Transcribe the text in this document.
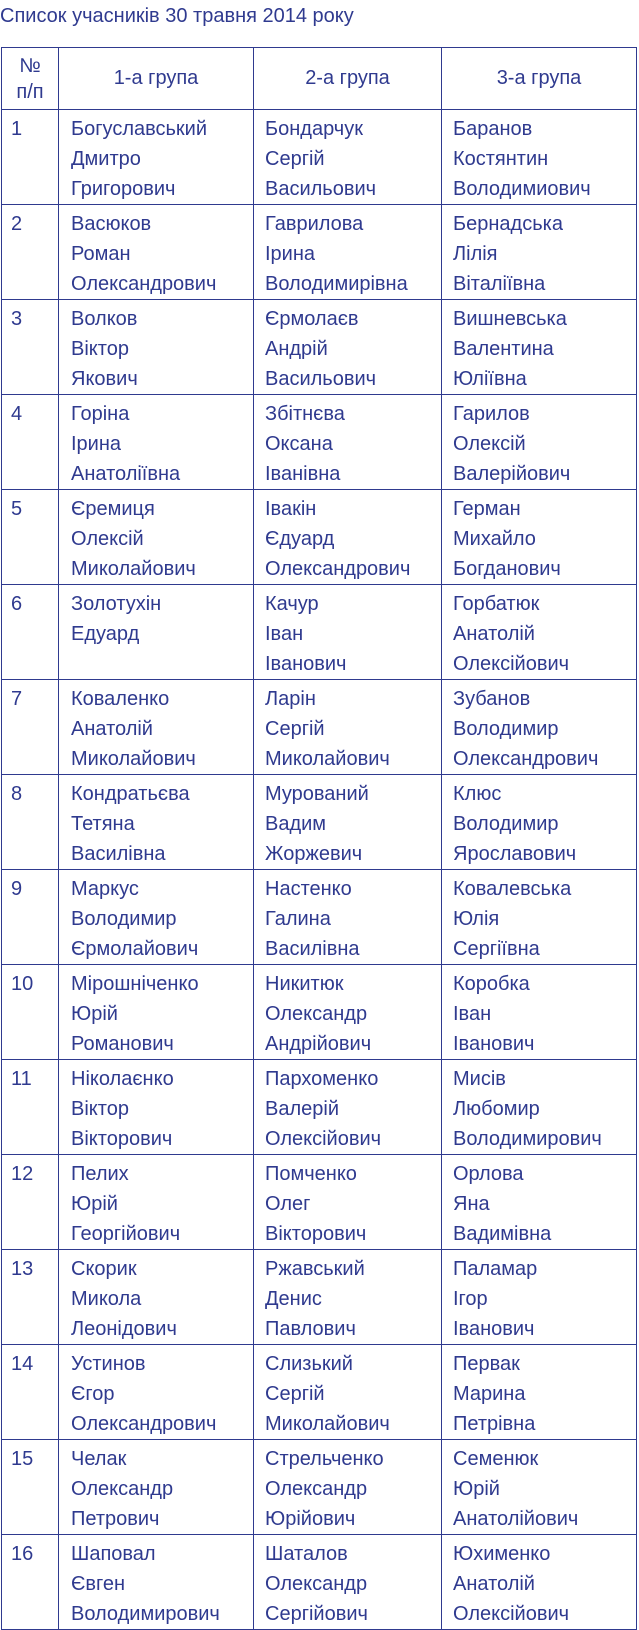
Список учасників 30 травня 2014 року
№
п/п	1-а група	2-а група	3-а група

1	Богуславський
Дмитро
Григорович	Бондарчук
Сергій
Васильович	Баранов
Костянтин
Володимиович

2	Васюков
Роман
Олександрович	Гаврилова
Ірина
Володимирівна	Бернадська
Лілія
Віталіївна

3	Волков
Віктор
Якович	Єрмолаєв
Андрій
Васильович	Вишневська
Валентина
Юліївна

4	Горіна
Ірина
Анатоліївна	Збітнєва
Оксана
Іванівна	Гарилов
Олексій
Валерійович

5	Єремиця
Олексій
Миколайович	Івакін
Єдуард
Олександрович	Герман
Михайло
Богданович

6	Золотухін
Едуард	Качур
Іван
Іванович	Горбатюк
Анатолій
Олексійович

7	Коваленко
Анатолій
Миколайович	Ларін
Сергій
Миколайович	Зубанов
Володимир
Олександрович

8	Кондратьєва
Тетяна
Василівна	Мурований
Вадим
Жоржевич	Клюс
Володимир
Ярославович

9	Маркус
Володимир
Єрмолайович	Настенко
Галина
Василівна	Ковалевська
Юлія
Сергіївна

10	Мірошніченко
Юрій
Романович	Никитюк
Олександр
Андрійович	Коробка
Іван
Іванович

11	Ніколаєнко
Віктор
Вікторович	Пархоменко
Валерій
Олексійович	Мисів
Любомир
Володимирович

12	Пелих
Юрій
Георгійович	Помченко
Олег
Вікторович	Орлова
Яна
Вадимівна

13	Скорик
Микола
Леонідович	Ржавський
Денис
Павлович	Паламар
Ігор
Іванович

14	Устинов
Єгор
Олександрович	Слизький
Сергій
Миколайович	Первак
Марина
Петрівна

15	Челак
Олександр
Петрович	Стрельченко
Олександр
Юрійович	Семенюк
Юрій
Анатолійович

16	Шаповал
Євген
Володимирович	Шаталов
Олександр
Сергійович	Юхименко
Анатолій
Олексійович
